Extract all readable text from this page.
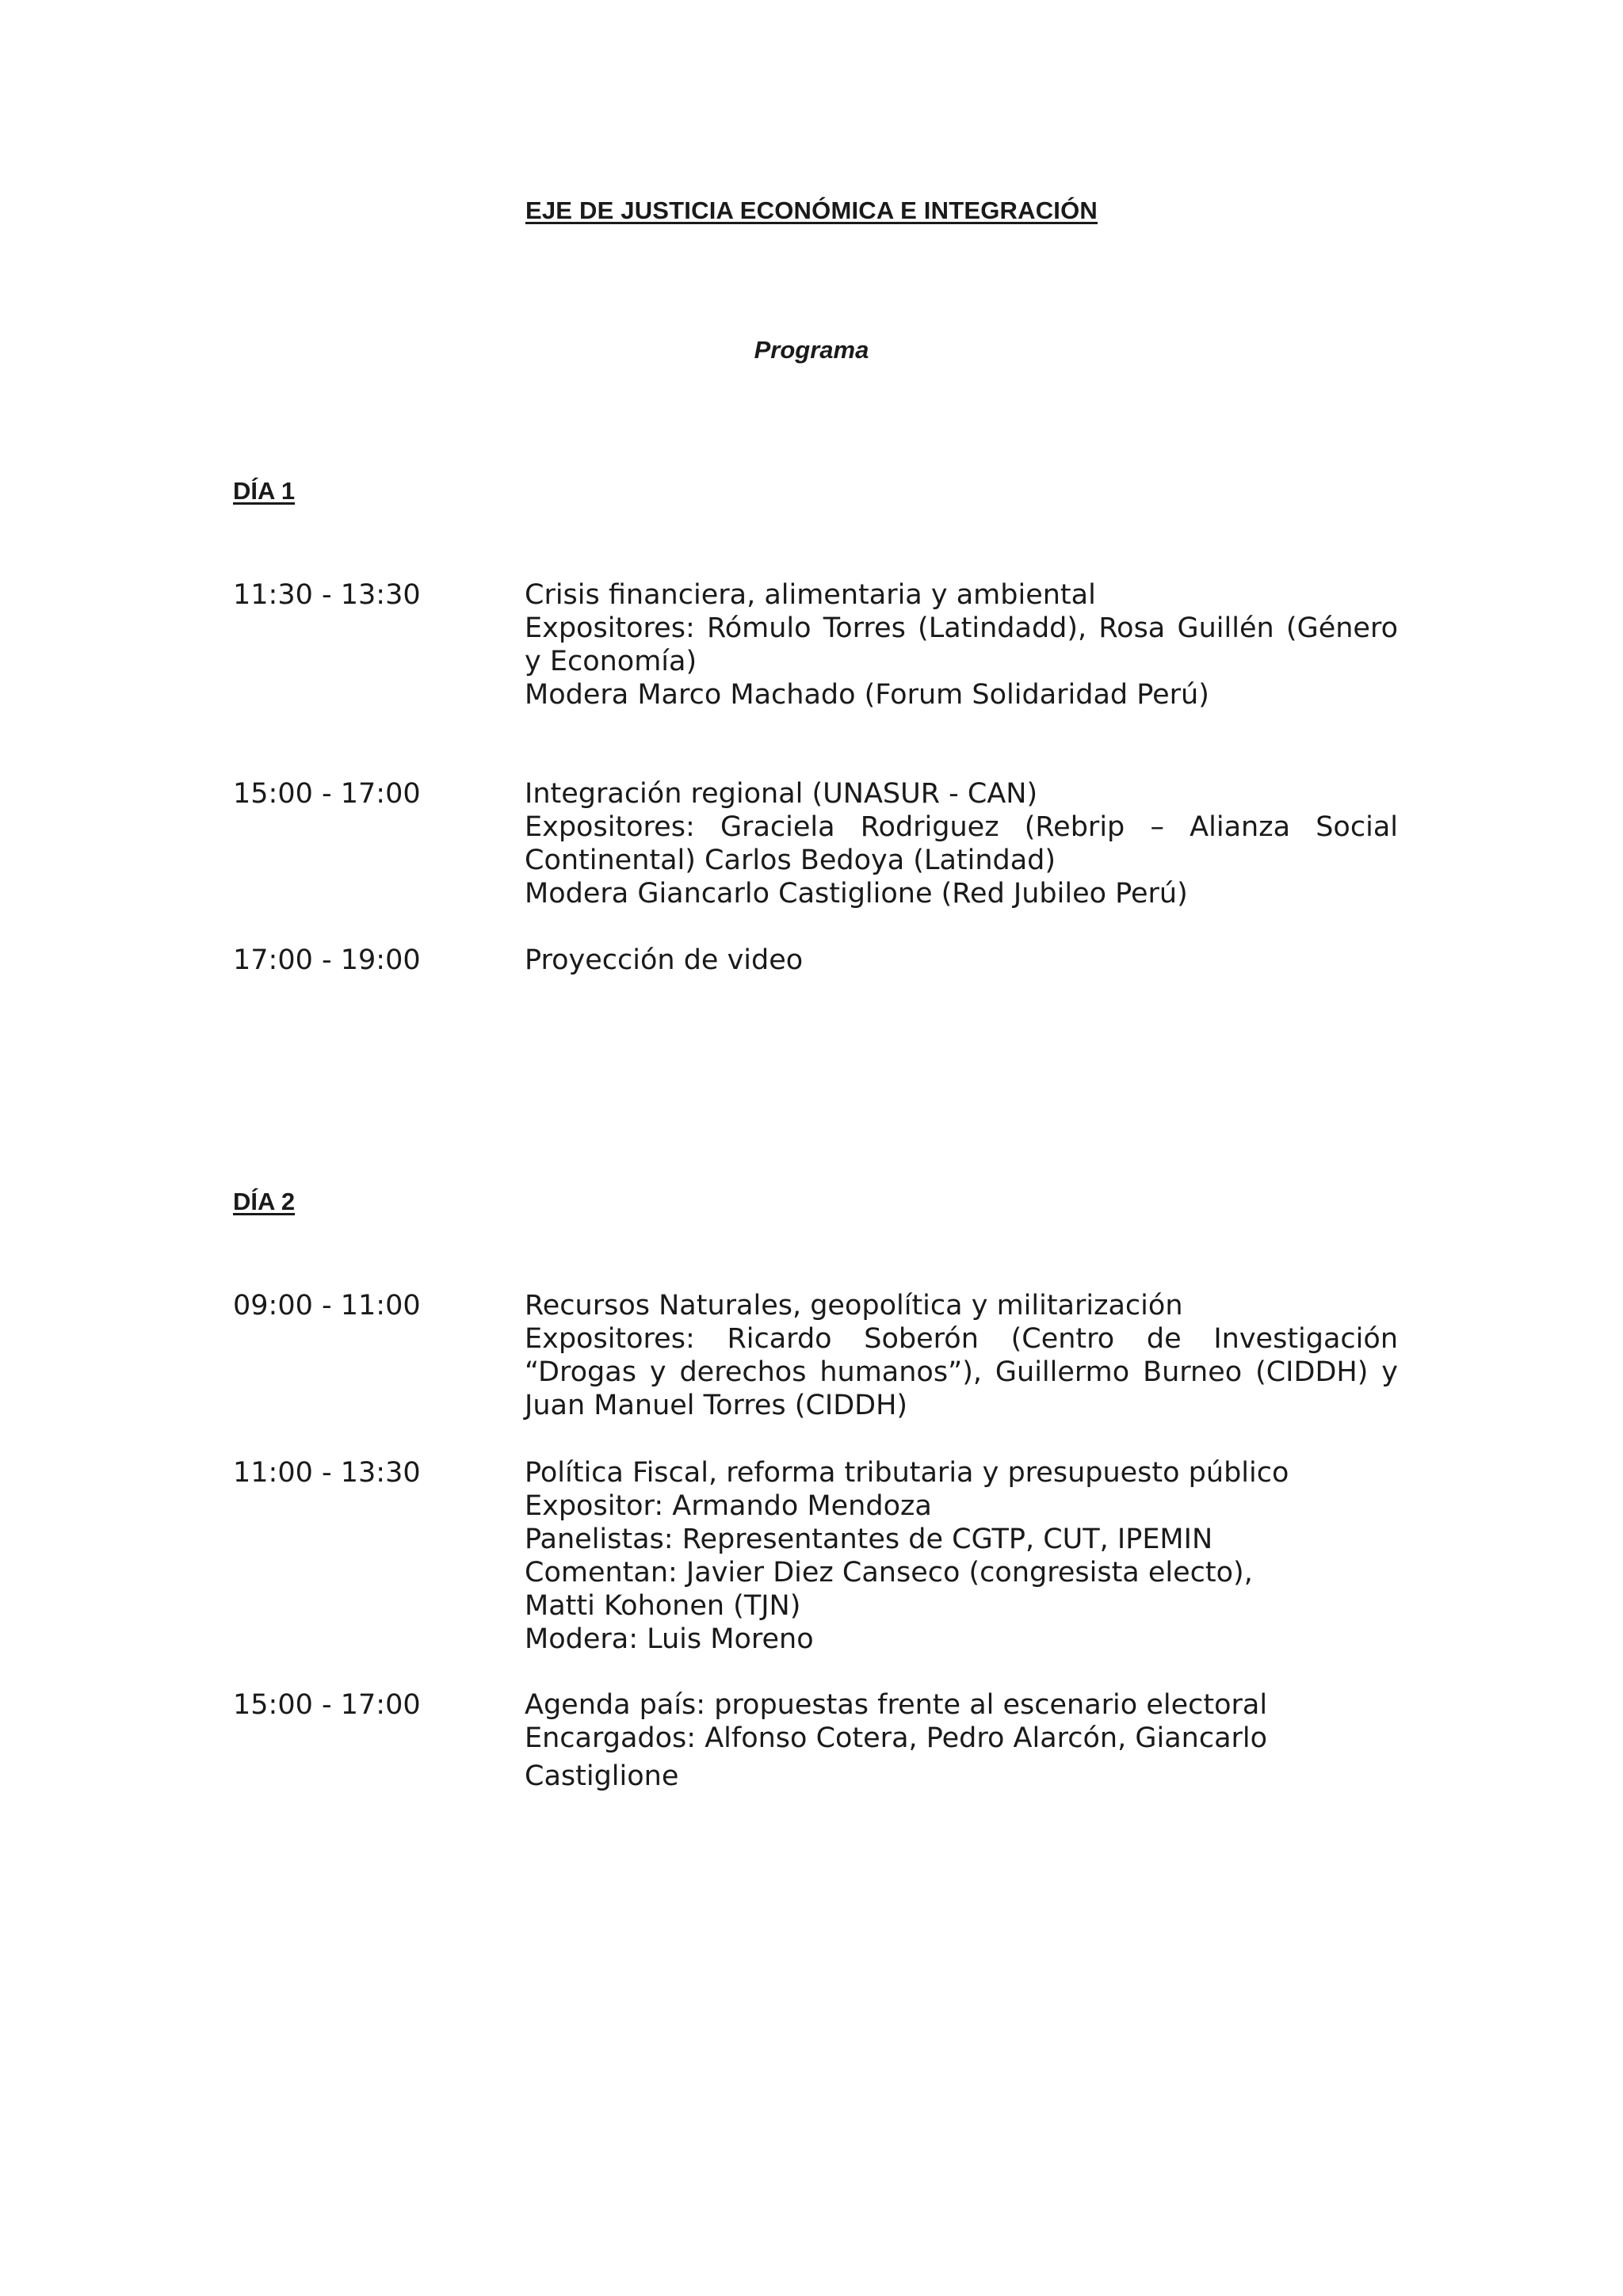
EJE DE JUSTICIA ECONÓMICA E INTEGRACIÓN
Programa
DÍA 1
11:30 - 13:30	Crisis financiera, alimentaria y ambiental
Expositores: Rómulo Torres (Latindadd), Rosa Guillén (Género
y Economía)
Modera Marco Machado (Forum Solidaridad Perú)
15:00 - 17:00	Integración regional (UNASUR - CAN)
Expositores: Graciela Rodriguez (Rebrip – Alianza Social
Continental) Carlos Bedoya (Latindad)
Modera Giancarlo Castiglione (Red Jubileo Perú)
17:00 - 19:00	Proyección de video
DÍA 2
09:00 - 11:00	Recursos Naturales, geopolítica y militarización
Expositores: Ricardo Soberón (Centro de Investigación
“Drogas y derechos humanos”), Guillermo Burneo (CIDDH) y
Juan Manuel Torres (CIDDH)
11:00 - 13:30	Política Fiscal, reforma tributaria y presupuesto público
Expositor: Armando Mendoza
Panelistas: Representantes de CGTP, CUT, IPEMIN
Comentan: Javier Diez Canseco (congresista electo),
Matti Kohonen (TJN)
Modera: Luis Moreno
15:00 - 17:00	Agenda país: propuestas frente al escenario electoral
Encargados: Alfonso Cotera, Pedro Alarcón, Giancarlo
Castiglione
